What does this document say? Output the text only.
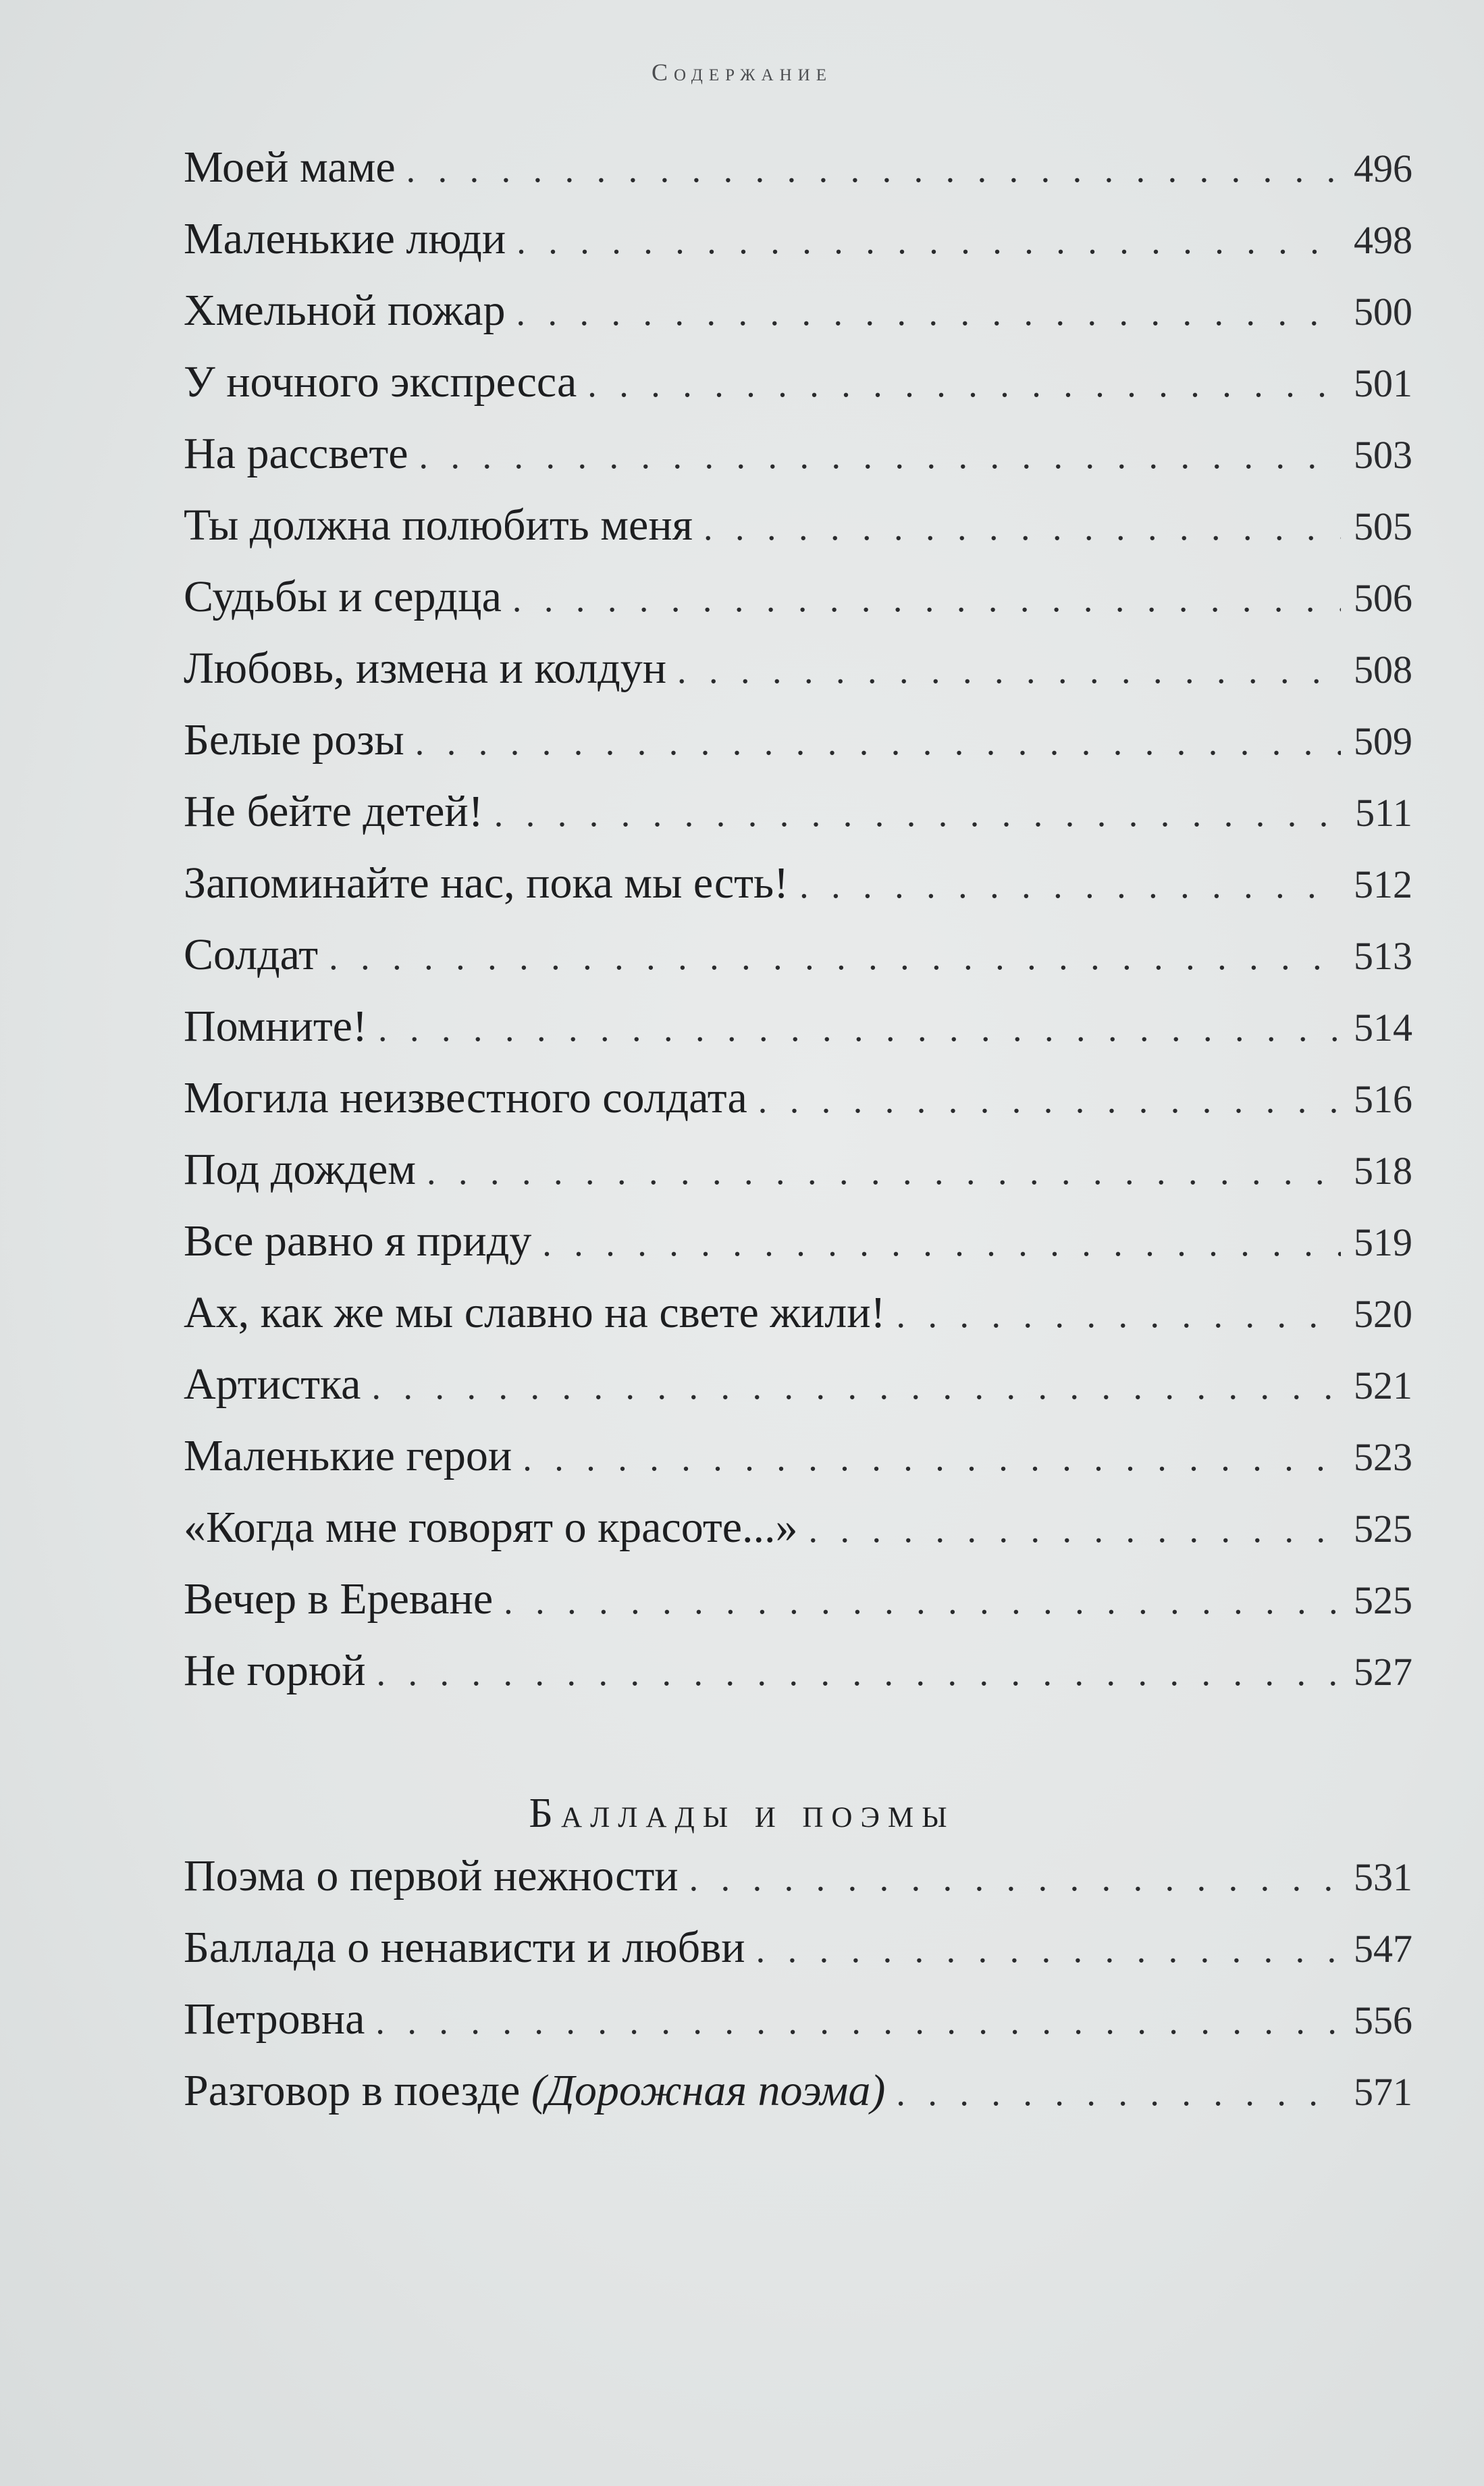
Содержание
Моей маме . . .	496
Маленькие люди . . .	498
Хмельной пожар . . .	500
У ночного экспресса . . .	501
На рассвете . . .	503
Ты должна полюбить меня . . .	505
Судьбы и сердца . . .	506
Любовь, измена и колдун . . .	508
Белые розы . . .	509
Не бейте детей! . . .	511
Запоминайте нас, пока мы есть! . . .	512
Солдат . . .	513
Помните! . . .	514
Могила неизвестного солдата . . .	516
Под дождем . . .	518
Все равно я приду . . .	519
Ах, как же мы славно на свете жили! . . .	520
Артистка . . .	521
Маленькие герои . . .	523
«Когда мне говорят о красоте...» . . .	525
Вечер в Ереване . . .	525
Не горюй . . .	527
Баллады и поэмы
Поэма о первой нежности . . .	531
Баллада о ненависти и любви . . .	547
Петровна . . .	556
Разговор в поезде (Дорожная поэма) . . .	571
